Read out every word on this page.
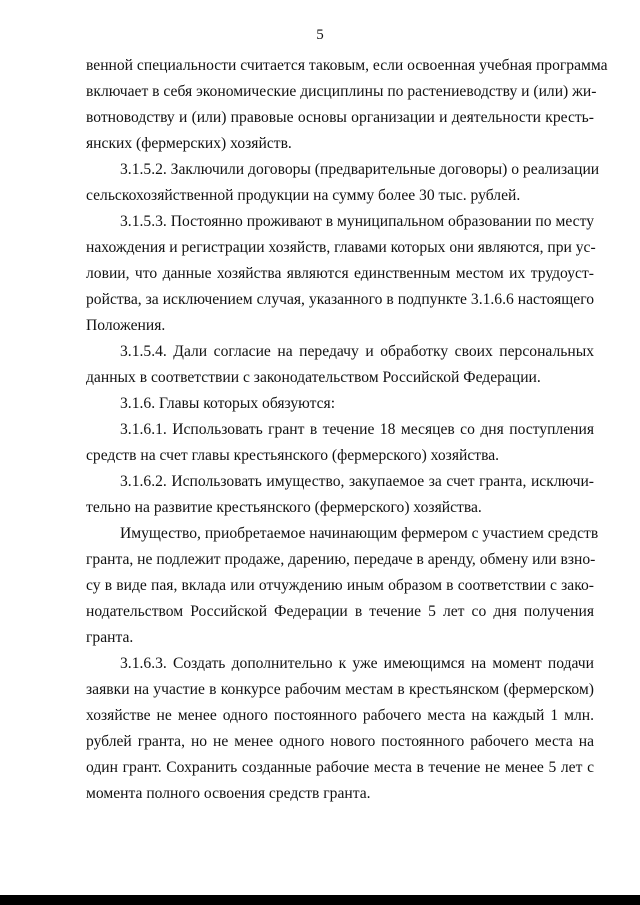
5
венной специальности считается таковым, если освоенная учебная программа
включает в себя экономические дисциплины по растениеводству и (или) жи-
вотноводству и (или) правовые основы организации и деятельности кресть-
янских (фермерских) хозяйств.
3.1.5.2. Заключили договоры (предварительные договоры) о реализации
сельскохозяйственной продукции на сумму более 30 тыс. рублей.
3.1.5.3. Постоянно проживают в муниципальном образовании по месту
нахождения и регистрации хозяйств, главами которых они являются, при ус-
ловии, что данные хозяйства являются единственным местом их трудоуст-
ройства, за исключением случая, указанного в подпункте 3.1.6.6 настоящего
Положения.
3.1.5.4. Дали согласие на передачу и обработку своих персональных
данных в соответствии с законодательством Российской Федерации.
3.1.6. Главы которых обязуются:
3.1.6.1. Использовать грант в течение 18 месяцев со дня поступления
средств на счет главы крестьянского (фермерского) хозяйства.
3.1.6.2. Использовать имущество, закупаемое за счет гранта, исключи-
тельно на развитие крестьянского (фермерского) хозяйства.
Имущество, приобретаемое начинающим фермером с участием средств
гранта, не подлежит продаже, дарению, передаче в аренду, обмену или взно-
су в виде пая, вклада или отчуждению иным образом в соответствии с зако-
нодательством Российской Федерации в течение 5 лет со дня получения
гранта.
3.1.6.3. Создать дополнительно к уже имеющимся на момент подачи
заявки на участие в конкурсе рабочим местам в крестьянском (фермерском)
хозяйстве не менее одного постоянного рабочего места на каждый 1 млн.
рублей гранта, но не менее одного нового постоянного рабочего места на
один грант. Сохранить созданные рабочие места в течение не менее 5 лет с
момента полного освоения средств гранта.
